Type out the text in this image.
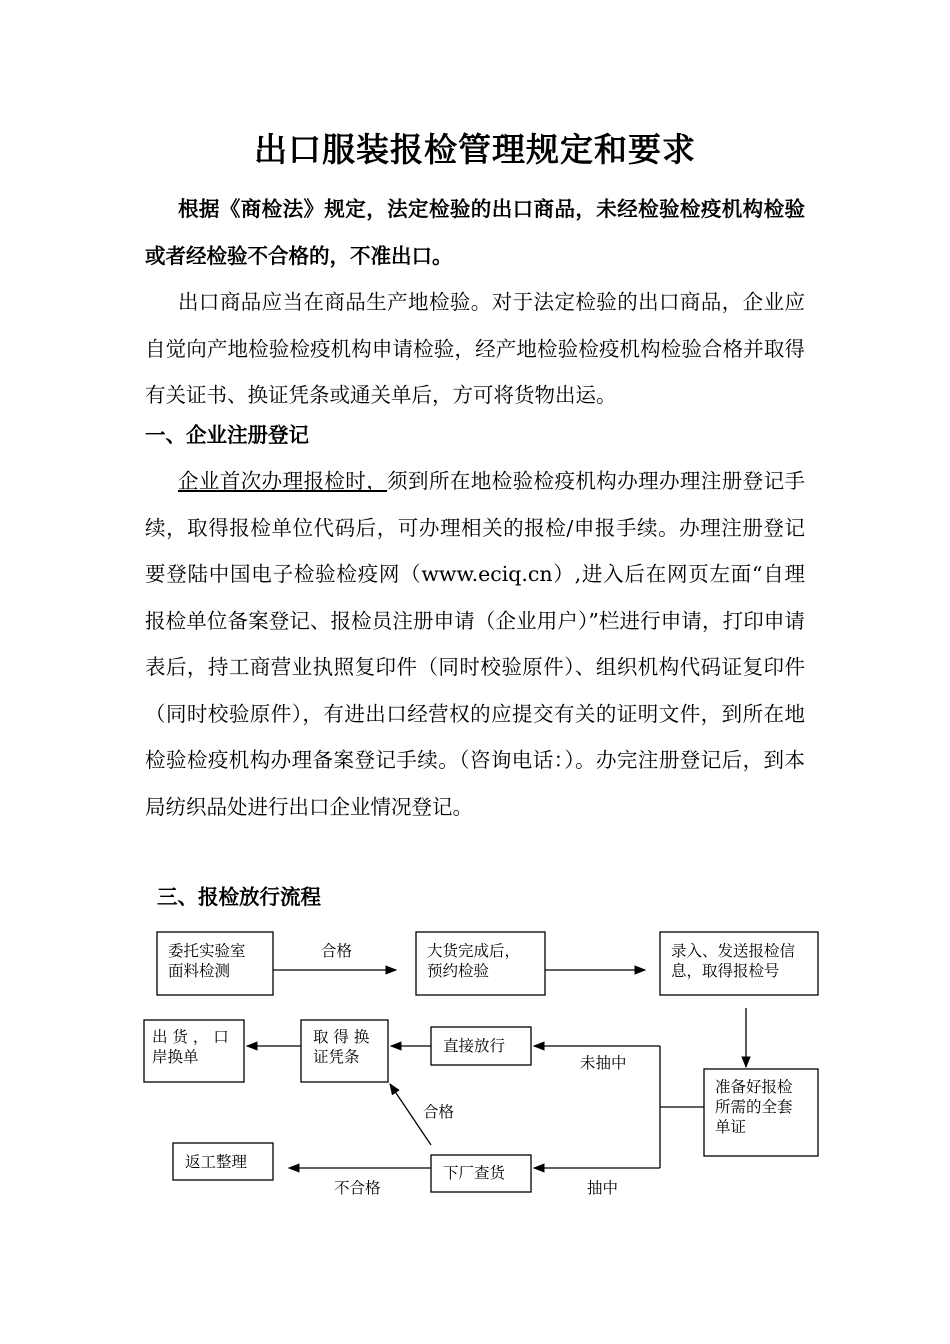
出口服装报检管理规定和要求

根据《商检法》规定，法定检验的出口商品，未经检验检疫机构检验或者经检验不合格的，不准出口。

出口商品应当在商品生产地检验。对于法定检验的出口商品，企业应自觉向产地检验检疫机构申请检验，经产地检验检疫机构检验合格并取得有关证书、换证凭条或通关单后，方可将货物出运。

一、企业注册登记

企业首次办理报检时，须到所在地检验检疫机构办理办理注册登记手续，取得报检单位代码后，可办理相关的报检/申报手续。办理注册登记要登陆中国电子检验检疫网（www.eciq.cn）,进入后在网页左面“自理报检单位备案登记、报检员注册申请（企业用户）”栏进行申请，打印申请表后，持工商营业执照复印件（同时校验原件）、组织机构代码证复印件（同时校验原件），有进出口经营权的应提交有关的证明文件，到所在地检验检疫机构办理备案登记手续。（咨询电话：）。办完注册登记后，到本局纺织品处进行出口企业情况登记。

三、报检放行流程
委托实验室
面料检测
大货完成后，
预约检验
录入、发送报检信
息，取得报检号
准备好报检
所需的全套
单证
直接放行
取 得 换
证凭条
出 货 ， 口
岸换单
下厂查货
返工整理
合格
未抽中
合格
抽中
不合格
